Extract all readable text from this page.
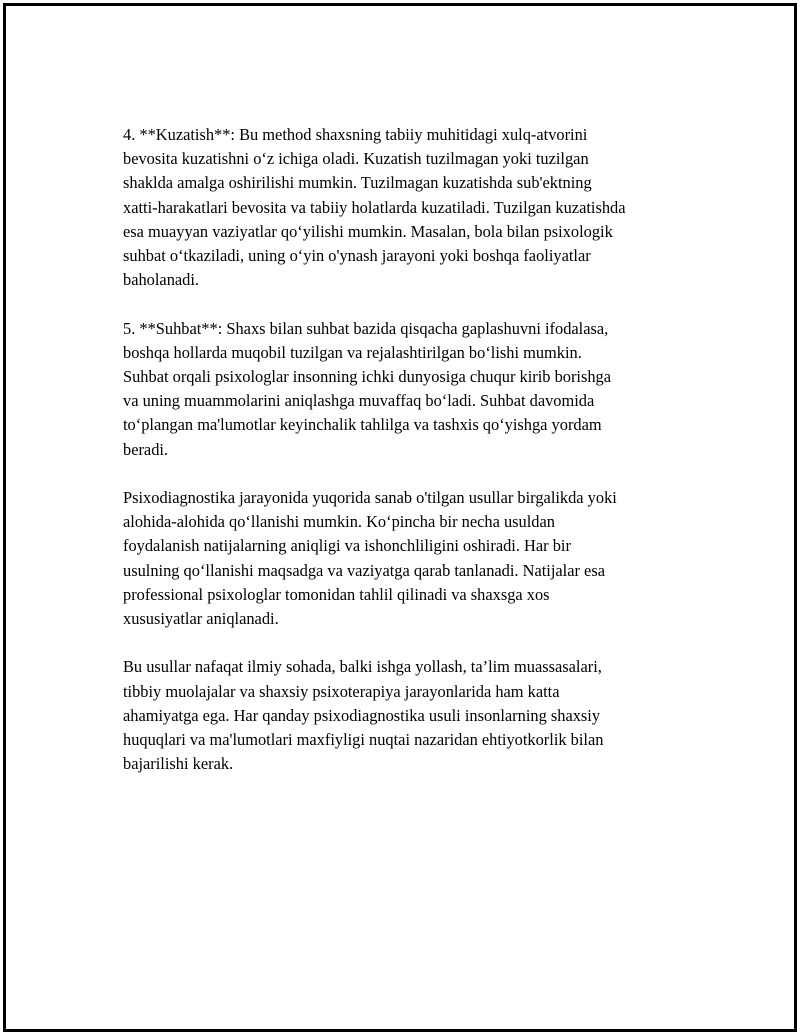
4. **Kuzatish**: Bu method shaxsning tabiiy muhitidagi xulq-atvorini
bevosita kuzatishni o‘z ichiga oladi. Kuzatish tuzilmagan yoki tuzilgan
shaklda amalga oshirilishi mumkin. Tuzilmagan kuzatishda sub'ektning
xatti-harakatlari bevosita va tabiiy holatlarda kuzatiladi. Tuzilgan kuzatishda
esa muayyan vaziyatlar qo‘yilishi mumkin. Masalan, bola bilan psixologik
suhbat o‘tkaziladi, uning o‘yin o'ynash jarayoni yoki boshqa faoliyatlar
baholanadi.

5. **Suhbat**: Shaxs bilan suhbat bazida qisqacha gaplashuvni ifodalasa,
boshqa hollarda muqobil tuzilgan va rejalashtirilgan bo‘lishi mumkin.
Suhbat orqali psixologlar insonning ichki dunyosiga chuqur kirib borishga
va uning muammolarini aniqlashga muvaffaq bo‘ladi. Suhbat davomida
to‘plangan ma'lumotlar keyinchalik tahlilga va tashxis qo‘yishga yordam
beradi.

Psixodiagnostika jarayonida yuqorida sanab o'tilgan usullar birgalikda yoki
alohida-alohida qo‘llanishi mumkin. Ko‘pincha bir necha usuldan
foydalanish natijalarning aniqligi va ishonchliligini oshiradi. Har bir
usulning qo‘llanishi maqsadga va vaziyatga qarab tanlanadi. Natijalar esa
professional psixologlar tomonidan tahlil qilinadi va shaxsga xos
xususiyatlar aniqlanadi.

Bu usullar nafaqat ilmiy sohada, balki ishga yollash, ta’lim muassasalari,
tibbiy muolajalar va shaxsiy psixoterapiya jarayonlarida ham katta
ahamiyatga ega. Har qanday psixodiagnostika usuli insonlarning shaxsiy
huquqlari va ma'lumotlari maxfiyligi nuqtai nazaridan ehtiyotkorlik bilan
bajarilishi kerak.
